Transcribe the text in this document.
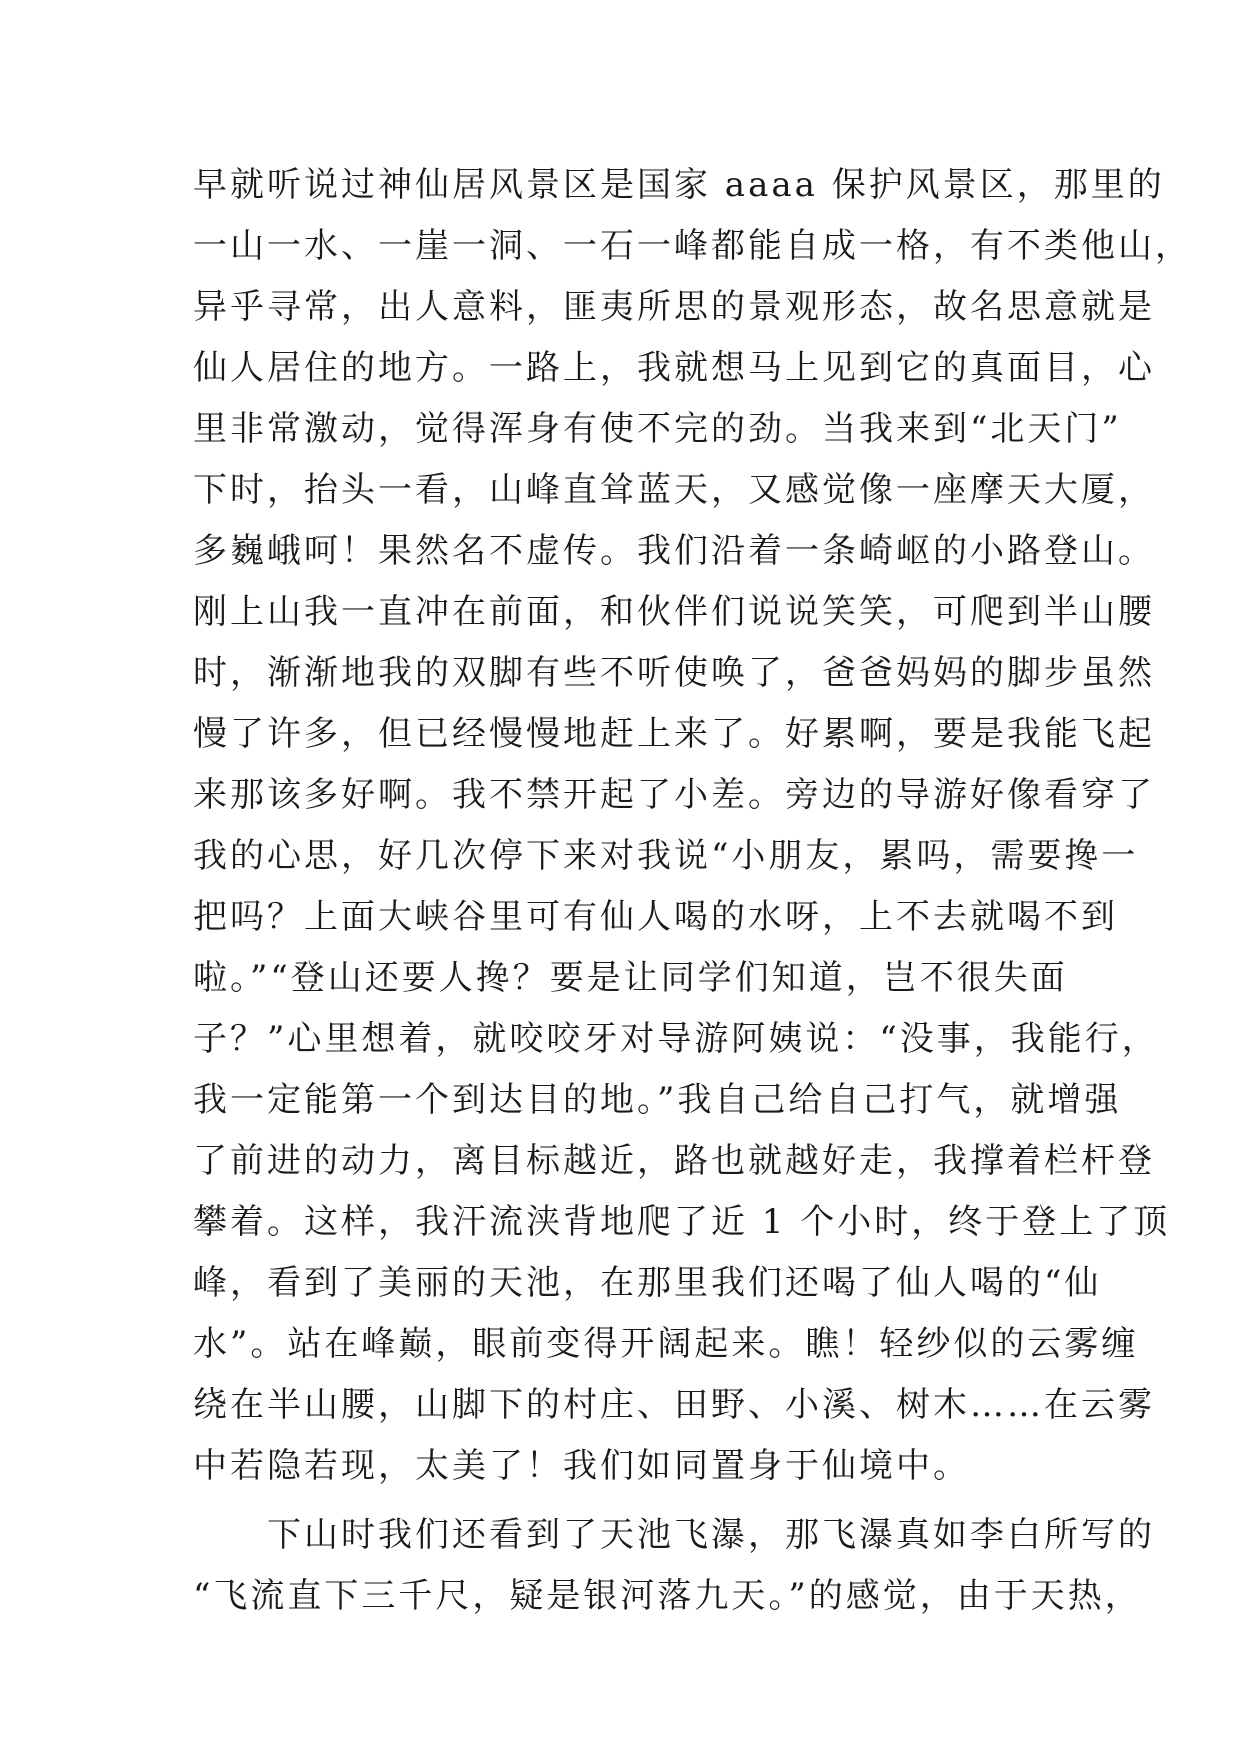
早就听说过神仙居风景区是国家 aaaa 保护风景区，那里的
一山一水、一崖一洞、一石一峰都能自成一格，有不类他山，
异乎寻常，出人意料，匪夷所思的景观形态，故名思意就是
仙人居住的地方。一路上，我就想马上见到它的真面目，心
里非常激动，觉得浑身有使不完的劲。当我来到“北天门”
下时，抬头一看，山峰直耸蓝天，又感觉像一座摩天大厦，
多巍峨呵！果然名不虚传。我们沿着一条崎岖的小路登山。
刚上山我一直冲在前面，和伙伴们说说笑笑，可爬到半山腰
时，渐渐地我的双脚有些不听使唤了，爸爸妈妈的脚步虽然
慢了许多，但已经慢慢地赶上来了。好累啊，要是我能飞起
来那该多好啊。我不禁开起了小差。旁边的导游好像看穿了
我的心思，好几次停下来对我说“小朋友，累吗，需要搀一
把吗？上面大峡谷里可有仙人喝的水呀，上不去就喝不到
啦。”“登山还要人搀？要是让同学们知道，岂不很失面
子？”心里想着，就咬咬牙对导游阿姨说：“没事，我能行，
我一定能第一个到达目的地。”我自己给自己打气，就增强
了前进的动力，离目标越近，路也就越好走，我撑着栏杆登
攀着。这样，我汗流浃背地爬了近 1 个小时，终于登上了顶
峰，看到了美丽的天池，在那里我们还喝了仙人喝的“仙
水”。站在峰巅，眼前变得开阔起来。瞧！轻纱似的云雾缠
绕在半山腰，山脚下的村庄、田野、小溪、树木……在云雾
中若隐若现，太美了！我们如同置身于仙境中。
　　下山时我们还看到了天池飞瀑，那飞瀑真如李白所写的
“飞流直下三千尺，疑是银河落九天。”的感觉，由于天热，
